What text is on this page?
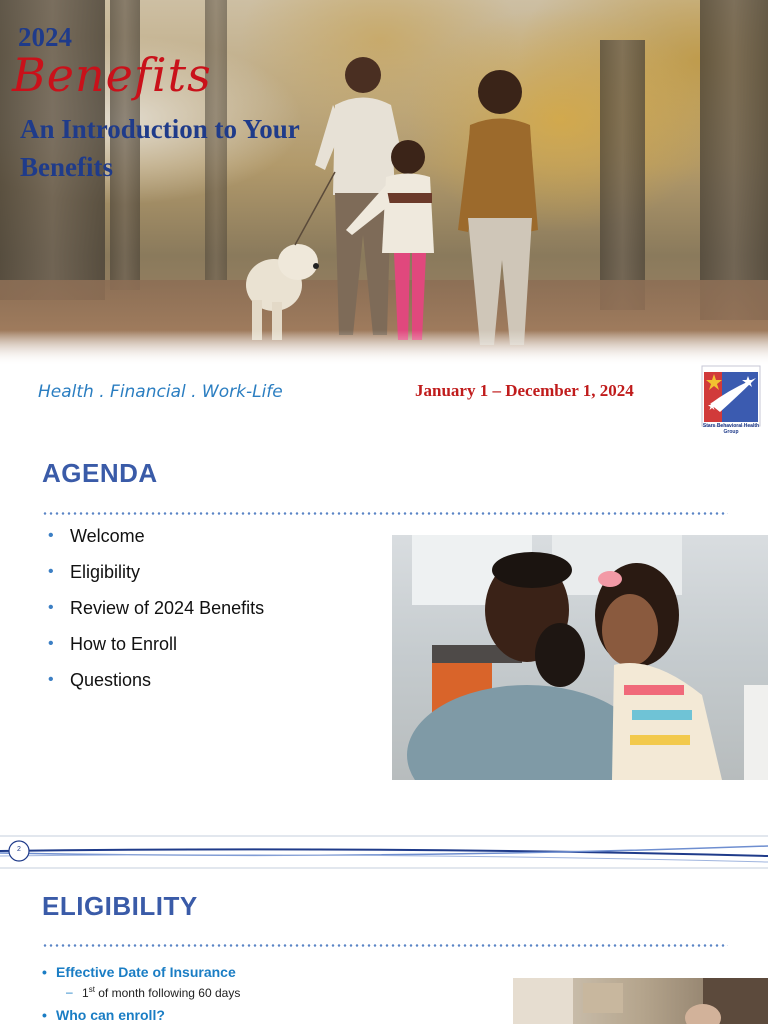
2024
Benefits
An Introduction to Your Benefits
Health . Financial . Work-Life	January 1 – December 1, 2024
Stars Behavioral Health Group
AGENDA
• Welcome
• Eligibility
• Review of 2024 Benefits
• How to Enroll
• Questions
2
ELIGIBILITY
• Effective Date of Insurance
– 1st of month following 60 days
• Who can enroll?
